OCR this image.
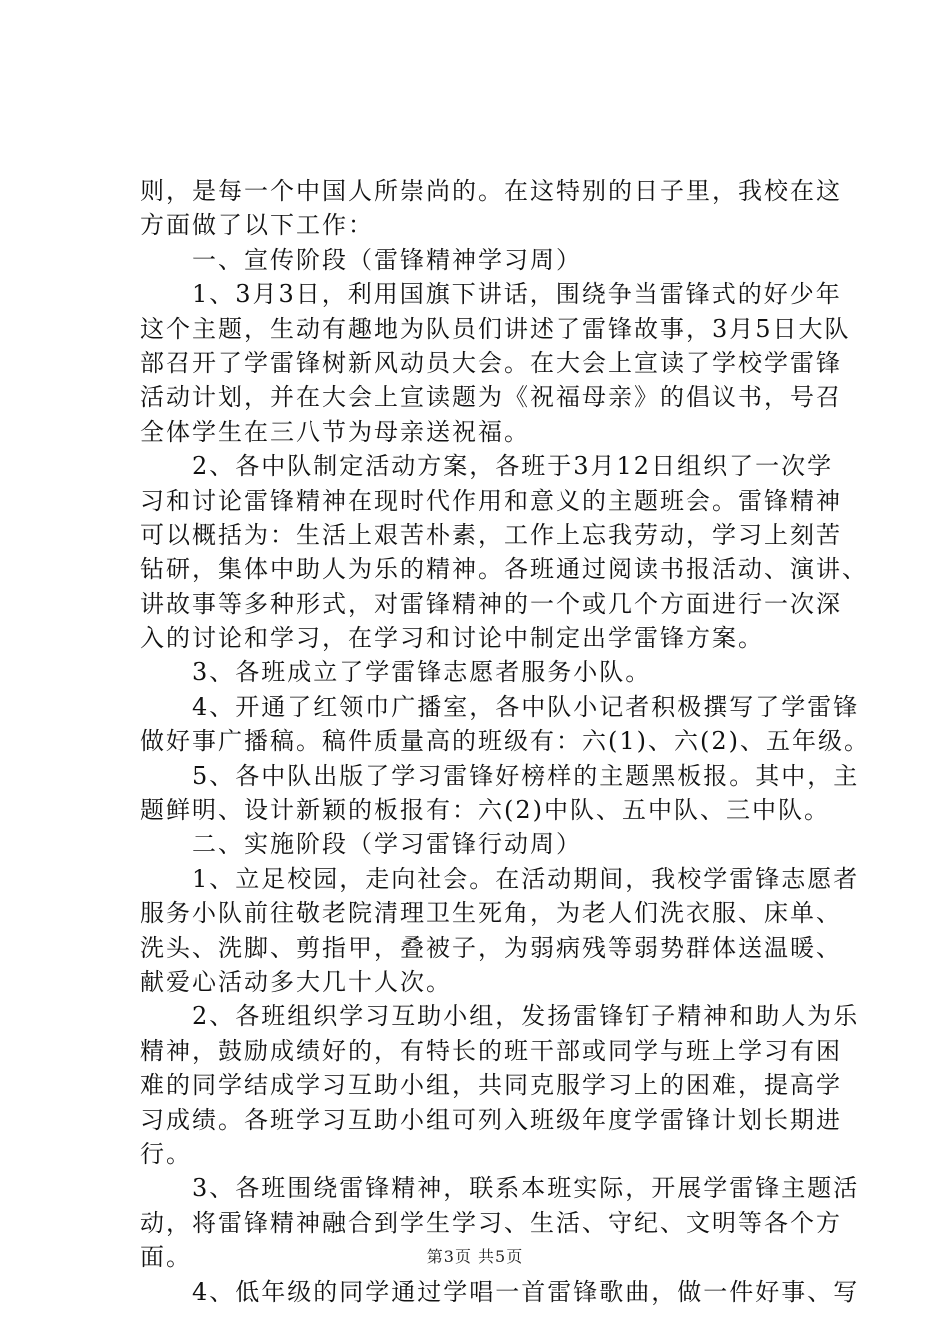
则，是每一个中国人所崇尚的。在这特别的日子里，我校在这
方面做了以下工作：
　　一、宣传阶段（雷锋精神学习周）
　　1、3月3日，利用国旗下讲话，围绕争当雷锋式的好少年
这个主题，生动有趣地为队员们讲述了雷锋故事，3月5日大队
部召开了学雷锋树新风动员大会。在大会上宣读了学校学雷锋
活动计划，并在大会上宣读题为《祝福母亲》的倡议书，号召
全体学生在三八节为母亲送祝福。
　　2、各中队制定活动方案，各班于3月12日组织了一次学
习和讨论雷锋精神在现时代作用和意义的主题班会。雷锋精神
可以概括为：生活上艰苦朴素，工作上忘我劳动，学习上刻苦
钻研，集体中助人为乐的精神。各班通过阅读书报活动、演讲、
讲故事等多种形式，对雷锋精神的一个或几个方面进行一次深
入的讨论和学习，在学习和讨论中制定出学雷锋方案。
　　3、各班成立了学雷锋志愿者服务小队。
　　4、开通了红领巾广播室，各中队小记者积极撰写了学雷锋
做好事广播稿。稿件质量高的班级有：六(1)、六(2)、五年级。
　　5、各中队出版了学习雷锋好榜样的主题黑板报。其中，主
题鲜明、设计新颖的板报有：六(2)中队、五中队、三中队。
　　二、实施阶段（学习雷锋行动周）
　　1、立足校园，走向社会。在活动期间，我校学雷锋志愿者
服务小队前往敬老院清理卫生死角，为老人们洗衣服、床单、
洗头、洗脚、剪指甲，叠被子，为弱病残等弱势群体送温暖、
献爱心活动多大几十人次。
　　2、各班组织学习互助小组，发扬雷锋钉子精神和助人为乐
精神，鼓励成绩好的，有特长的班干部或同学与班上学习有困
难的同学结成学习互助小组，共同克服学习上的困难，提高学
习成绩。各班学习互助小组可列入班级年度学雷锋计划长期进
行。
　　3、各班围绕雷锋精神，联系本班实际，开展学雷锋主题活
动，将雷锋精神融合到学生学习、生活、守纪、文明等各个方
面。
　　4、低年级的同学通过学唱一首雷锋歌曲，做一件好事、写
第3页 共5页
